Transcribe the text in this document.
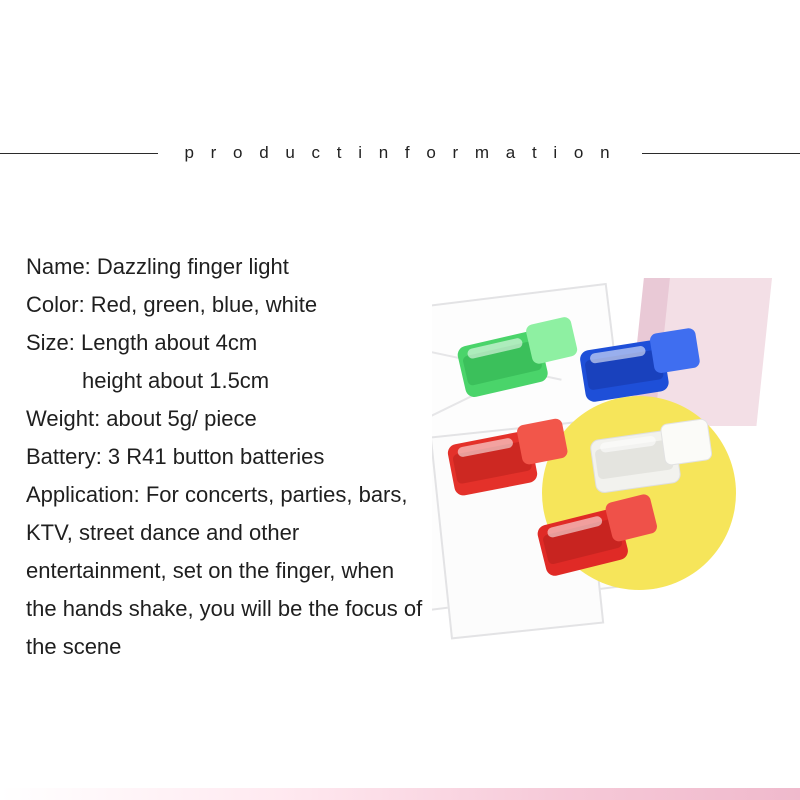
p r o d u c t i n f o r m a t i o n
Name: Dazzling finger light
Color: Red, green, blue, white
Size: Length about 4cm
height about 1.5cm
Weight: about 5g/ piece
Battery: 3 R41 button batteries
Application: For concerts, parties, bars, KTV, street dance and other entertainment, set on the finger, when the hands shake, you will be the focus of the scene
